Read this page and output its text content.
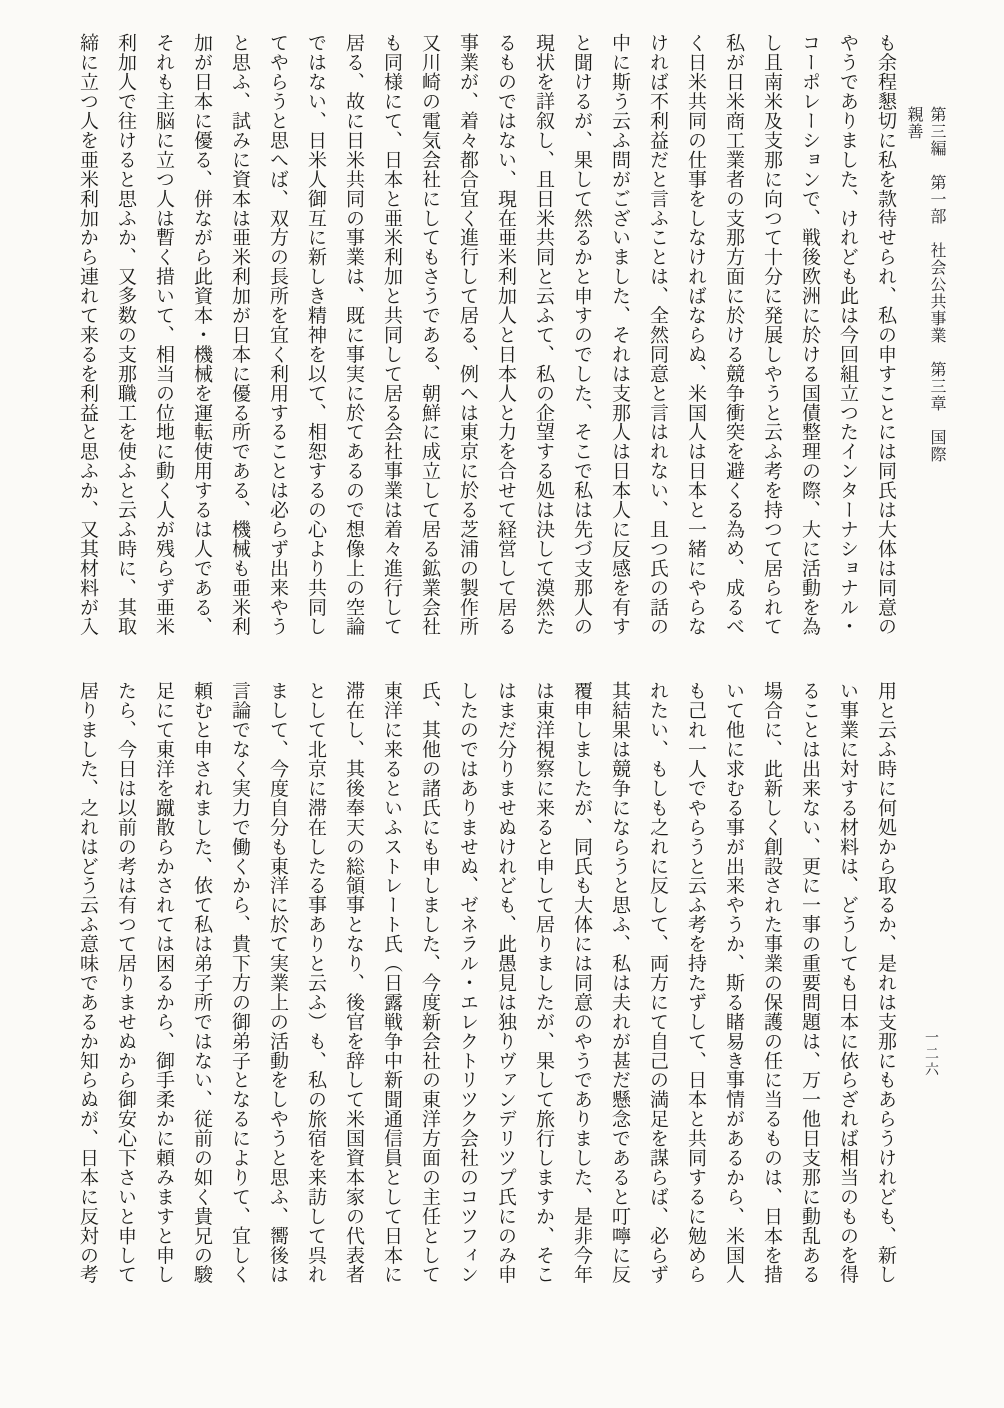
第三編　第一部　社会公共事業　第三章　国際親善
一二六

も余程懇切に私を款待せられ、私の申すことには同氏は大体は同意の

やうでありました、けれども此は今回組立つたインターナショナル・

コーポレーションで、戦後欧洲に於ける国債整理の際、大に活動を為

し且南米及支那に向つて十分に発展しやうと云ふ考を持つて居られて

私が日米商工業者の支那方面に於ける競争衝突を避くる為め、成るべ

く日米共同の仕事をしなければならぬ、米国人は日本と一緒にやらな

ければ不利益だと言ふことは、全然同意と言はれない、且つ氏の話の

中に斯う云ふ問がございました、それは支那人は日本人に反感を有す

と聞けるが、果して然るかと申すのでした、そこで私は先づ支那人の

現状を詳叙し、且日米共同と云ふて、私の企望する処は決して漠然た

るものではない、現在亜米利加人と日本人と力を合せて経営して居る

事業が、着々都合宜く進行して居る、例へは東京に於る芝浦の製作所

又川崎の電気会社にしてもさうである、朝鮮に成立して居る鉱業会社

も同様にて、日本と亜米利加と共同して居る会社事業は着々進行して

居る、故に日米共同の事業は、既に事実に於てあるので想像上の空論

ではない、日米人御互に新しき精神を以て、相恕するの心より共同し

てやらうと思へば、双方の長所を宜く利用することは必らず出来やう

と思ふ、試みに資本は亜米利加が日本に優る所である、機械も亜米利

加が日本に優る、併ながら此資本・機械を運転使用するは人である、

それも主脳に立つ人は暫く措いて、相当の位地に動く人が残らず亜米

利加人で往けると思ふか、又多数の支那職工を使ふと云ふ時に、其取

締に立つ人を亜米利加から連れて来るを利益と思ふか、又其材料が入

用と云ふ時に何処から取るか、是れは支那にもあらうけれども、新し

い事業に対する材料は、どうしても日本に依らざれば相当のものを得

ることは出来ない、更に一事の重要問題は、万一他日支那に動乱ある

場合に、此新しく創設された事業の保護の任に当るものは、日本を措

いて他に求むる事が出来やうか、斯る睹易き事情があるから、米国人

も己れ一人でやらうと云ふ考を持たずして、日本と共同するに勉めら

れたい、もしも之れに反して、両方にて自己の満足を謀らば、必らず

其結果は競争にならうと思ふ、私は夫れが甚だ懸念であると叮嚀に反

覆申しましたが、同氏も大体には同意のやうでありました、是非今年

は東洋視察に来ると申して居りましたが、果して旅行しますか、そこ

はまだ分りませぬけれども、此愚見は独りヴァンデリツプ氏にのみ申

したのではありませぬ、ゼネラル・エレクトリツク会社のコツフィン

氏、其他の諸氏にも申しました、今度新会社の東洋方面の主任として

東洋に来るといふストレート氏（日露戦争中新聞通信員として日本に

滞在し、其後奉天の総領事となり、後官を辞して米国資本家の代表者

として北京に滞在したる事ありと云ふ）も、私の旅宿を来訪して呉れ

まして、今度自分も東洋に於て実業上の活動をしやうと思ふ、嚮後は

言論でなく実力で働くから、貴下方の御弟子となるによりて、宜しく

頼むと申されました、依て私は弟子所ではない、従前の如く貴兄の駿

足にて東洋を蹴散らかされては困るから、御手柔かに頼みますと申し

たら、今日は以前の考は有つて居りませぬから御安心下さいと申して

居りました、之れはどう云ふ意味であるか知らぬが、日本に反対の考
